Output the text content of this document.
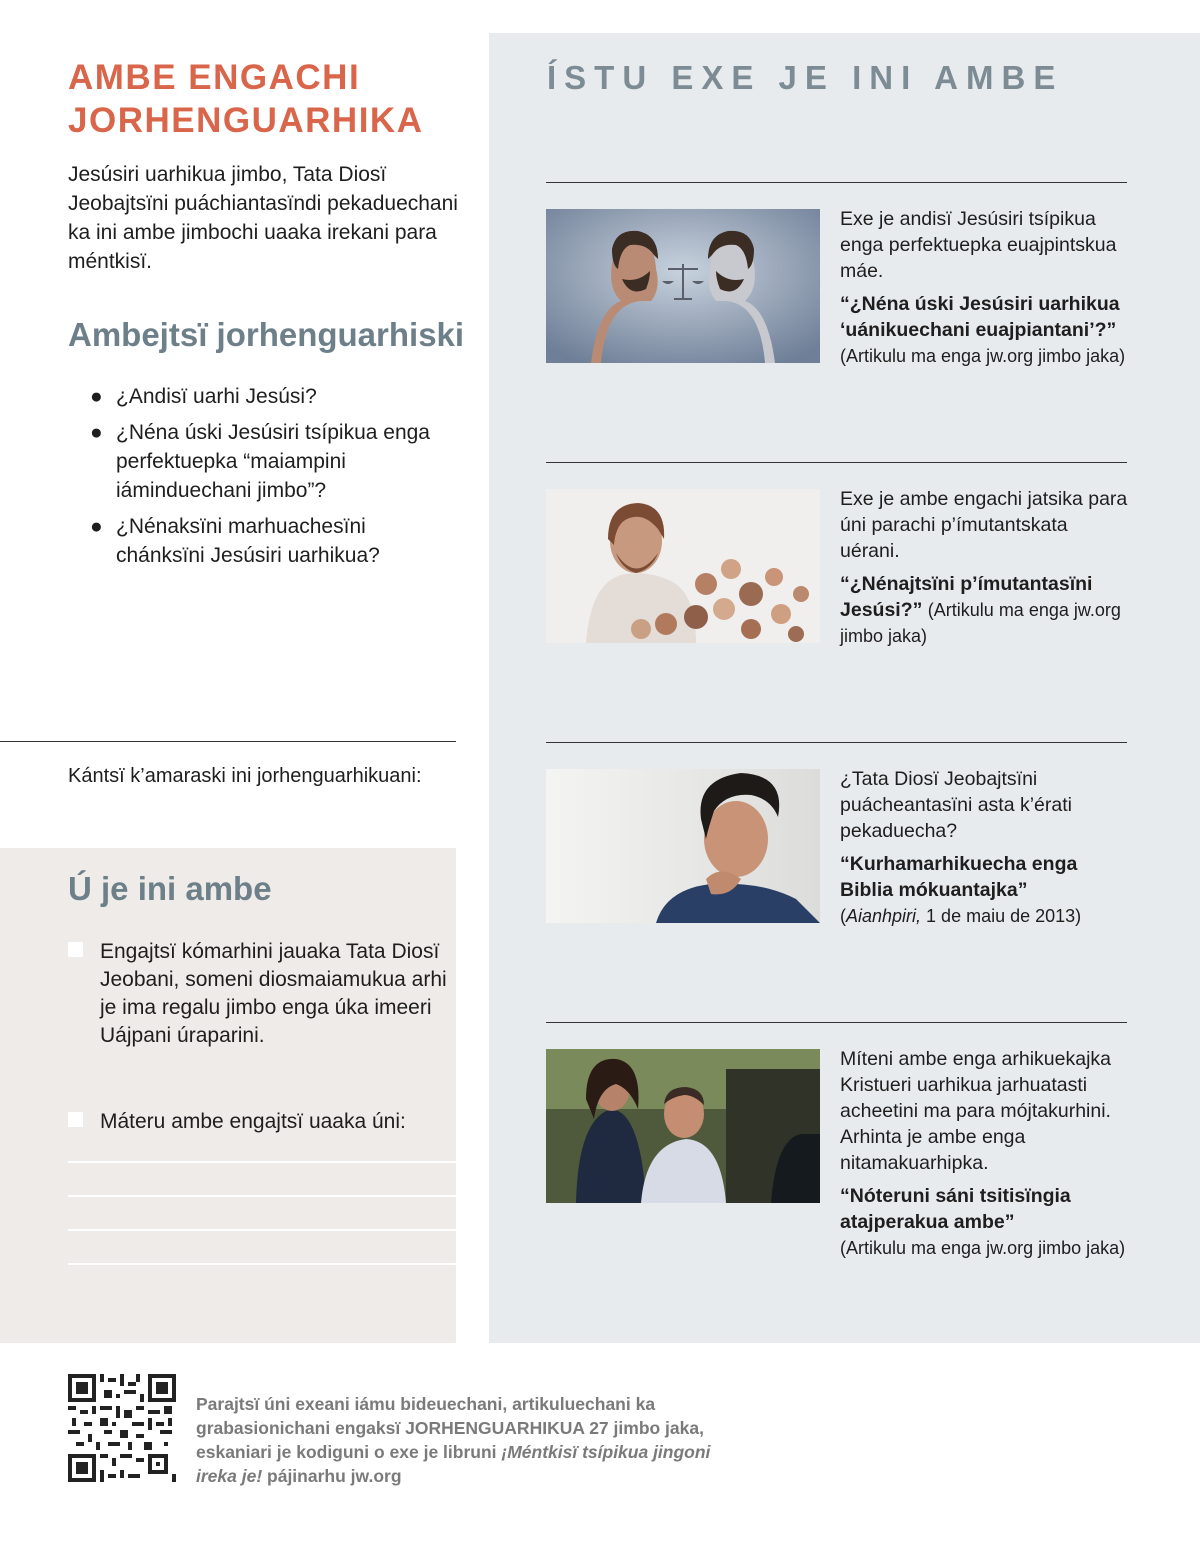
AMBE ENGACHI JORHENGUARHIKA

Jesúsiri uarhikua jimbo, Tata Diosï Jeobajtsïni puáchiantasïndi pekaduechani ka ini ambe jimbochi uaaka irekani para méntkisï.

Ambejtsï jorhenguarhiski
● ¿Andisï uarhi Jesúsi?
● ¿Néna úski Jesúsiri tsípikua enga perfektuepka “maiampini iáminduechani jimbo”?
● ¿Nénaksïni marhuachesïni chánksïni Jesúsiri uarhikua?

Kántsï k’amaraski ini jorhenguarhikuani:

Ú je ini ambe
Engajtsï kómarhini jauaka Tata Diosï Jeobani, someni diosmaiamukua arhi je ima regalu jimbo enga úka imeeri Uájpani úraparini.
Máteru ambe engajtsï uaaka úni:
ÍSTU EXE JE INI AMBE

Exe je andisï Jesúsiri tsípikua enga perfektuepka euajpintskua máe.

“¿Néna úski Jesúsiri uarhikua ‘uánikuechani euajpiantani’?”

(Artikulu ma enga jw.org jimbo jaka)

Exe je ambe engachi jatsika para úni parachi p’ímutantskata uérani.

“¿Nénajtsïni p’ímutantasïni Jesúsi?” (Artikulu ma enga jw.org jimbo jaka)

¿Tata Diosï Jeobajtsïni puácheantasïni asta k’érati pekaduecha?

“Kurhamarhikuecha enga Biblia mókuantajka”

(Aianhpiri, 1 de maiu de 2013)

Míteni ambe enga arhikuekajka Kristueri uarhikua jarhuatasti acheetini ma para mójtakurhini. Arhinta je ambe enga nitamakuarhipka.

“Nóteruni sáni tsitisïngia atajperakua ambe”

(Artikulu ma enga jw.org jimbo jaka)

Parajtsï úni exeani iámu bideuechani, artikuluechani ka grabasionichani engaksï JORHENGUARHIKUA 27 jimbo jaka, eskaniari je kodiguni o exe je libruni ¡Méntkisï tsípikua jingoni ireka je! pájinarhu jw.org
